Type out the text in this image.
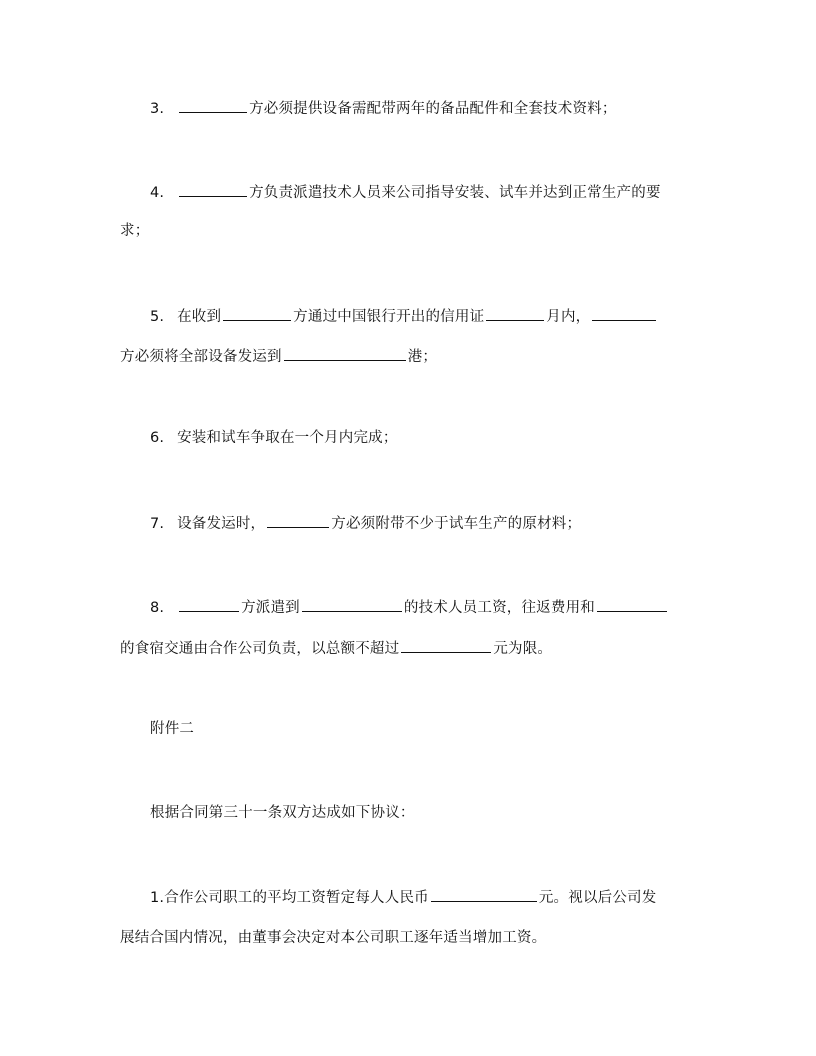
3.	方必须提供设备需配带两年的备品配件和全套技术资料；
4.	方负责派遣技术人员来公司指导安装、试车并达到正常生产的要
求；
5. 在收到	方通过中国银行开出的信用证	月内，
方必须将全部设备发运到	港；
6. 安装和试车争取在一个月内完成；
7. 设备发运时，	方必须附带不少于试车生产的原材料；
8.	方派遣到	的技术人员工资，往返费用和
的食宿交通由合作公司负责，以总额不超过	元为限。
附件二
根据合同第三十一条双方达成如下协议：
1.合作公司职工的平均工资暂定每人人民币	元。视以后公司发
展结合国内情况，由董事会决定对本公司职工逐年适当增加工资。
